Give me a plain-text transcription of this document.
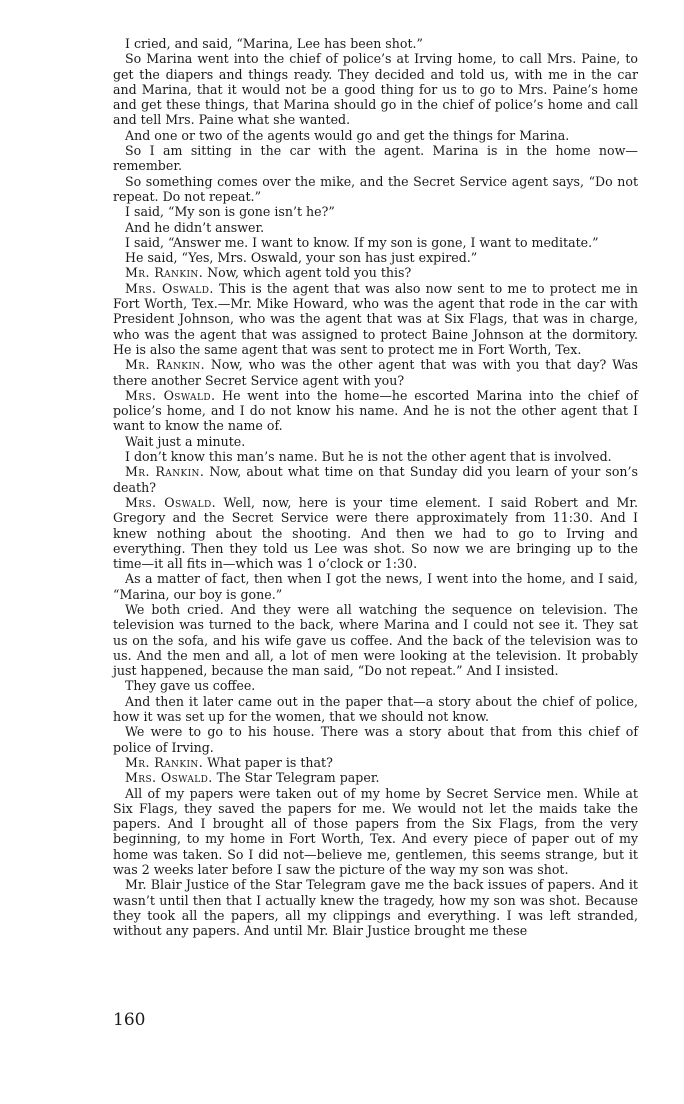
I cried, and said, “Marina, Lee has been shot.”

So Marina went into the chief of police’s at Irving home, to call Mrs. Paine, to get the diapers and things ready. They decided and told us, with me in the car and Marina, that it would not be a good thing for us to go to Mrs. Paine’s home and get these things, that Marina should go in the chief of police’s home and call and tell Mrs. Paine what she wanted.

And one or two of the agents would go and get the things for Marina.

So I am sitting in the car with the agent. Marina is in the home now—remember.

So something comes over the mike, and the Secret Service agent says, “Do not repeat. Do not repeat.”

I said, “My son is gone isn’t he?”

And he didn’t answer.

I said, “Answer me. I want to know. If my son is gone, I want to meditate.”

He said, “Yes, Mrs. Oswald, your son has just expired.”

Mr. Rankin. Now, which agent told you this?

Mrs. Oswald. This is the agent that was also now sent to me to protect me in Fort Worth, Tex.—Mr. Mike Howard, who was the agent that rode in the car with President Johnson, who was the agent that was at Six Flags, that was in charge, who was the agent that was assigned to protect Baine Johnson at the dormitory. He is also the same agent that was sent to protect me in Fort Worth, Tex.

Mr. Rankin. Now, who was the other agent that was with you that day? Was there another Secret Service agent with you?

Mrs. Oswald. He went into the home—he escorted Marina into the chief of police’s home, and I do not know his name. And he is not the other agent that I want to know the name of.

Wait just a minute.

I don’t know this man’s name. But he is not the other agent that is involved.

Mr. Rankin. Now, about what time on that Sunday did you learn of your son’s death?

Mrs. Oswald. Well, now, here is your time element. I said Robert and Mr. Gregory and the Secret Service were there approximately from 11:30. And I knew nothing about the shooting. And then we had to go to Irving and everything. Then they told us Lee was shot. So now we are bringing up to the time—it all fits in—which was 1 o’clock or 1:30.

As a matter of fact, then when I got the news, I went into the home, and I said, “Marina, our boy is gone.”

We both cried. And they were all watching the sequence on television. The television was turned to the back, where Marina and I could not see it. They sat us on the sofa, and his wife gave us coffee. And the back of the television was to us. And the men and all, a lot of men were looking at the television. It probably just happened, because the man said, “Do not repeat.” And I insisted.

They gave us coffee.

And then it later came out in the paper that—a story about the chief of police, how it was set up for the women, that we should not know.

We were to go to his house. There was a story about that from this chief of police of Irving.

Mr. Rankin. What paper is that?

Mrs. Oswald. The Star Telegram paper.

All of my papers were taken out of my home by Secret Service men. While at Six Flags, they saved the papers for me. We would not let the maids take the papers. And I brought all of those papers from the Six Flags, from the very beginning, to my home in Fort Worth, Tex. And every piece of paper out of my home was taken. So I did not—believe me, gentlemen, this seems strange, but it was 2 weeks later before I saw the picture of the way my son was shot.

Mr. Blair Justice of the Star Telegram gave me the back issues of papers. And it wasn’t until then that I actually knew the tragedy, how my son was shot. Because they took all the papers, all my clippings and everything. I was left stranded, without any papers. And until Mr. Blair Justice brought me these

160
